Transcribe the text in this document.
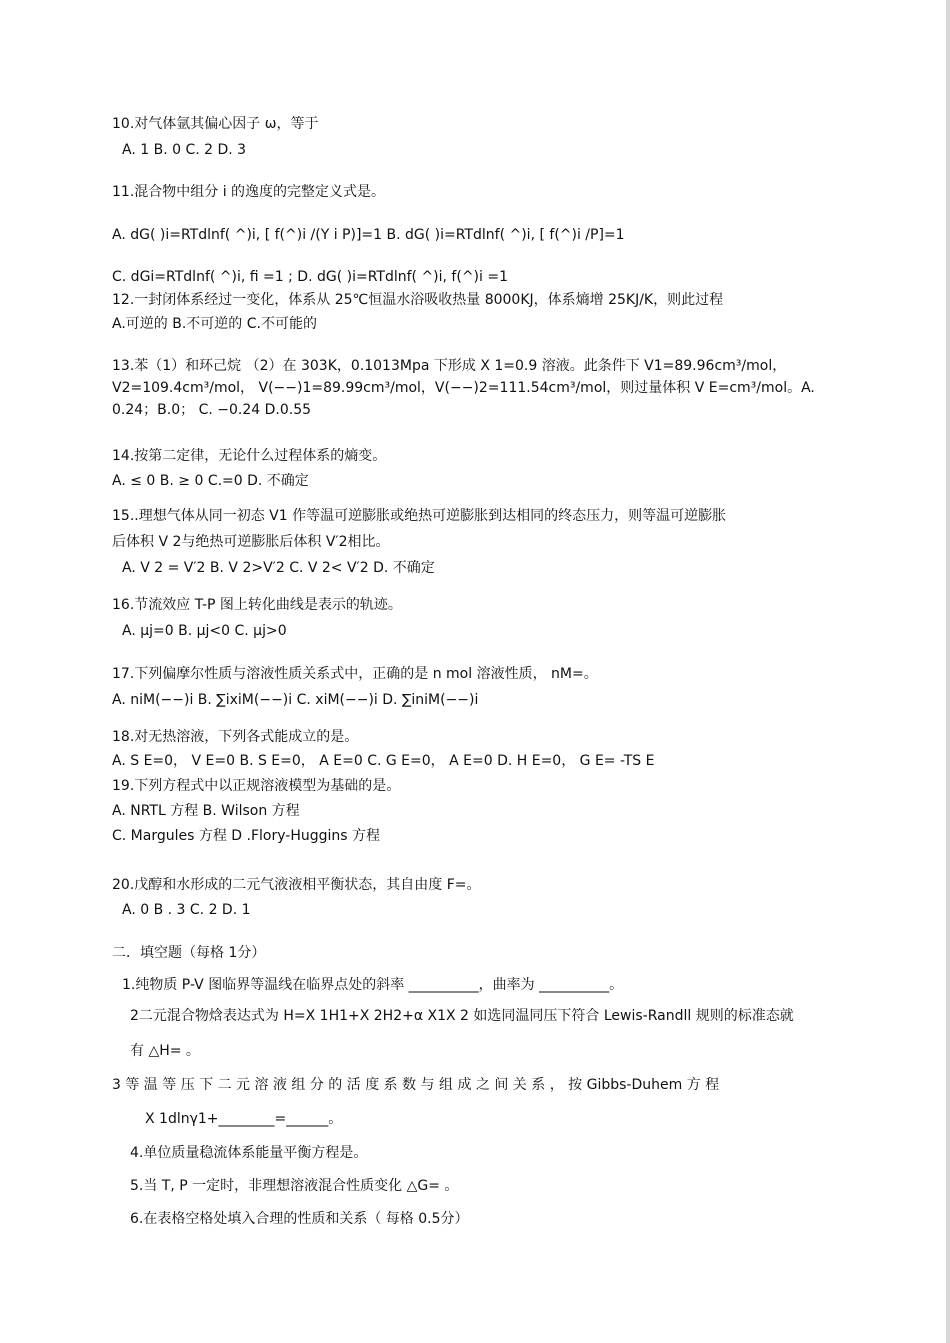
10.对气体氩其偏心因子 ω，等于
A. 1 B. 0 C. 2 D. 3
11.混合物中组分 i 的逸度的完整定义式是。
A. dG( )i=RTdlnf( ^)i, [ f(^)i /(Y i P)]=1 B. dG( )i=RTdlnf( ^)i, [ f(^)i /P]=1
C. dGi=RTdlnf( ^)i, fi =1 ; D. dG( )i=RTdlnf( ^)i, f(^)i =1
12.一封闭体系经过一变化，体系从 25℃恒温水浴吸收热量 8000KJ，体系熵增 25KJ/K，则此过程
A.可逆的 B.不可逆的 C.不可能的
13.苯（1）和环己烷 （2）在 303K，0.1013Mpa 下形成 X 1=0.9 溶液。此条件下 V1=89.96cm³/mol， V2=109.4cm³/mol， V(−−)1=89.99cm³/mol，V(−−)2=111.54cm³/mol，则过量体积 V E=cm³/mol。A. 0.24；B.0； C. −0.24 D.0.55
14.按第二定律，无论什么过程体系的熵变。
A. ≤ 0 B. ≥ 0 C.=0 D. 不确定
15..理想气体从同一初态 V1 作等温可逆膨胀或绝热可逆膨胀到达相同的终态压力，则等温可逆膨胀
后体积 V 2与绝热可逆膨胀后体积 V′2相比。
A. V 2 = V′2 B. V 2>V′2 C. V 2< V′2 D. 不确定
16.节流效应 T-P 图上转化曲线是表示的轨迹。
A. μj=0 B. μj<0 C. μj>0
17.下列偏摩尔性质与溶液性质关系式中，正确的是 n mol 溶液性质， nM=。
A. niM(−−)i B. ∑ixiM(−−)i C. xiM(−−)i D. ∑iniM(−−)i
18.对无热溶液，下列各式能成立的是。
A. S E=0， V E=0 B. S E=0， A E=0 C. G E=0， A E=0 D. H E=0， G E= -TS E
19.下列方程式中以正规溶液模型为基础的是。
A. NRTL 方程 B. Wilson 方程
C. Margules 方程 D .Flory-Huggins 方程
20.戊醇和水形成的二元气液液相平衡状态，其自由度 F=。
A. 0 B . 3 C. 2 D. 1
二．填空题（每格 1分）
1.纯物质 P-V 图临界等温线在临界点处的斜率 __________，曲率为 __________。
2二元混合物焓表达式为 H=X 1H1+X 2H2+α X1X 2 如选同温同压下符合 Lewis-Randll 规则的标准态就
有 △H= 。
3 等 温 等 压 下 二 元 溶 液 组 分 的 活 度 系 数 与 组 成 之 间 关 系 ， 按 Gibbs-Duhem 方 程
X 1dlnγ1+________=______。
4.单位质量稳流体系能量平衡方程是。
5.当 T, P 一定时，非理想溶液混合性质变化 △G= 。
6.在表格空格处填入合理的性质和关系（ 每格 0.5分）
